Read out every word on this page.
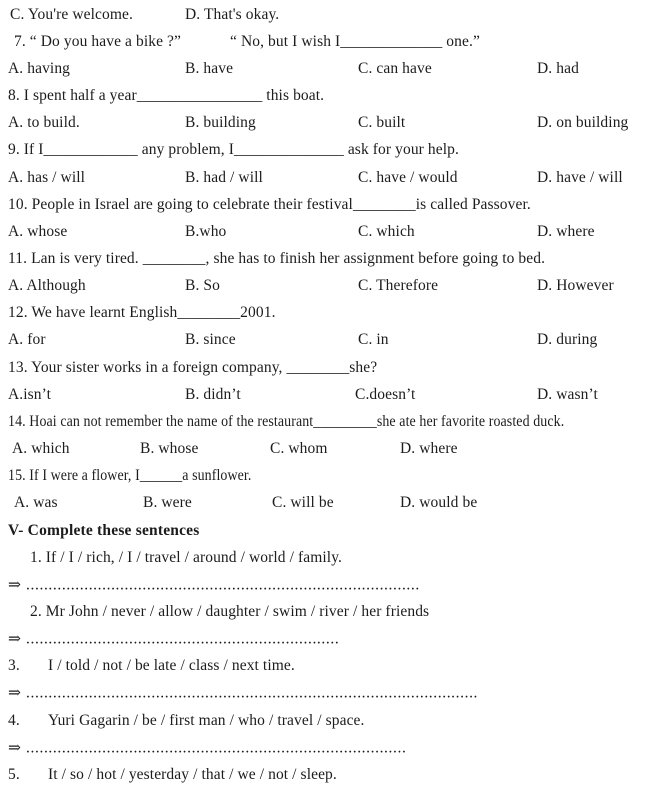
C. You're welcome.	D. That's okay.
7. “ Do you have a bike ?”	“ No, but I wish I_____________ one.”
A. having	B. have	C. can have	D. had
8. I spent half a year________________ this boat.
A. to build.	B. building	C. built	D. on building
9. If I____________ any problem, I______________ ask for your help.
A. has / will	B. had / will	C. have / would	D. have / will
10. People in Israel are going to celebrate their festival________is called Passover.
A. whose	B.who	C. which	D. where
11. Lan is very tired. ________, she has to finish her assignment before going to bed.
A. Although	B. So	C. Therefore	D. However
12. We have learnt English________2001.
A. for	B. since	C. in	D. during
13. Your sister works in a foreign company, ________she?
A.isn’t	B. didn’t	C.doesn’t	D. wasn’t
14. Hoai can not remember the name of the restaurant_________she ate her favorite roasted duck.
A. which	B. whose	C. whom	D. where
15. If I were a flower, I______a sunflower.
A. was	B. were	C. will be	D. would be
V- Complete these sentences
1. If / I / rich, / I / travel / around / world / family.
⇒ ........................................................................................
2. Mr John / never / allow / daughter / swim / river / her friends
⇒ ......................................................................
3. I / told / not / be late / class / next time.
⇒ .....................................................................................................
4. Yuri Gagarin / be / first man / who / travel / space.
⇒ .....................................................................................
5. It / so / hot / yesterday / that / we / not / sleep.
